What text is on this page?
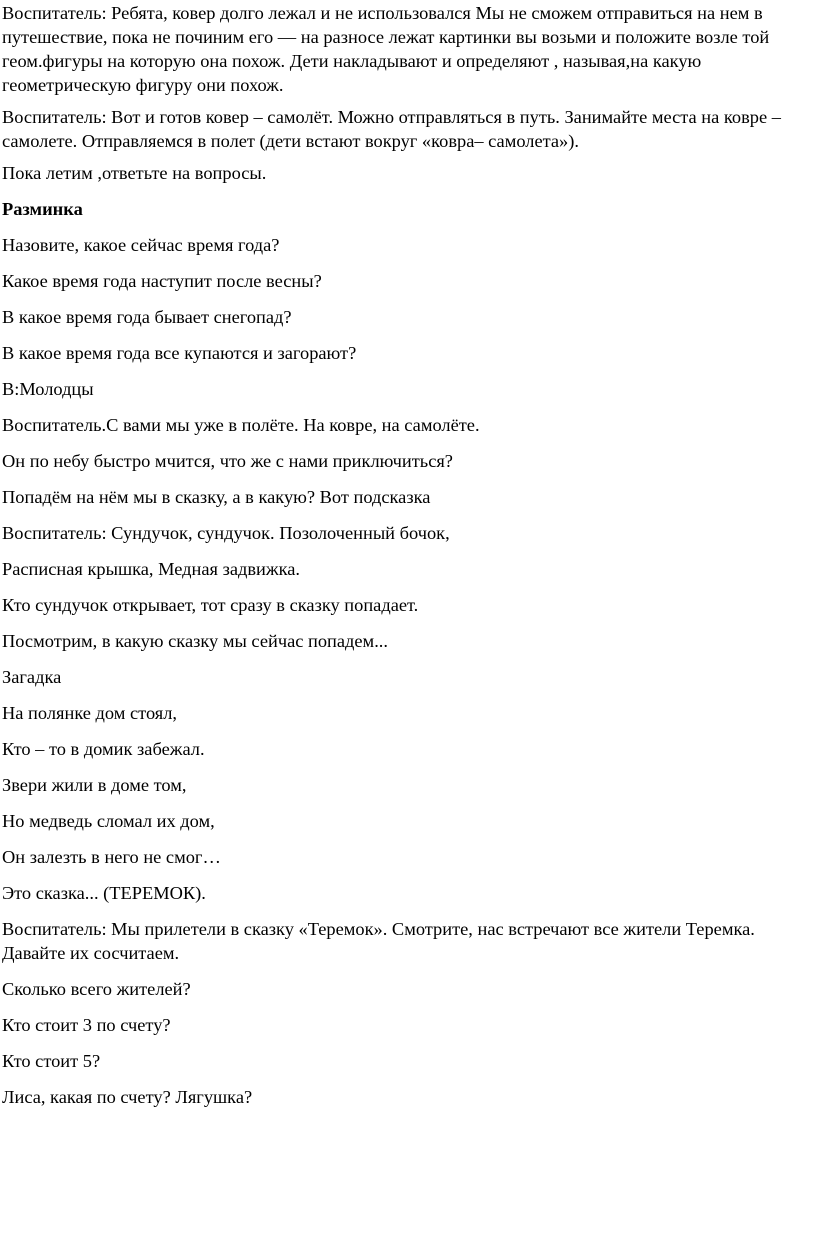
Воспитатель: Ребята, ковер долго лежал и не использовался Мы не сможем отправиться на нем в путешествие, пока не починим его — на разносе лежат картинки вы возьми и положите возле той геом.фигуры на которую она похож. Дети накладывают и определяют , называя,на какую геометрическую фигуру они похож.

Воспитатель: Вот и готов ковер – самолёт. Можно отправляться в путь. Занимайте места на ковре – самолете. Отправляемся в полет (дети встают вокруг «ковра– самолета»).

Пока летим ,ответьте на вопросы.

Разминка

Назовите, какое сейчас время года?

Какое время года наступит после весны?

В какое время года бывает снегопад?

В какое время года все купаются и загорают?

В:Молодцы

Воспитатель.С вами мы уже в полёте. На ковре, на самолёте.

Он по небу быстро мчится, что же с нами приключиться?

Попадём на нём мы в сказку, а в какую? Вот подсказка

Воспитатель: Сундучок, сундучок. Позолоченный бочок,

Расписная крышка, Медная задвижка.

Кто сундучок открывает, тот сразу в сказку попадает.

Посмотрим, в какую сказку мы сейчас попадем...

Загадка

На полянке дом стоял,

Кто – то в домик забежал.

Звери жили в доме том,

Но медведь сломал их дом,

Он залезть в него не смог…

Это сказка... (ТЕРЕМОК).

Воспитатель: Мы прилетели в сказку «Теремок». Смотрите, нас встречают все жители Теремка. Давайте их сосчитаем.

Сколько всего жителей?

Кто стоит 3 по счету?

Кто стоит 5?

Лиса, какая по счету? Лягушка?
